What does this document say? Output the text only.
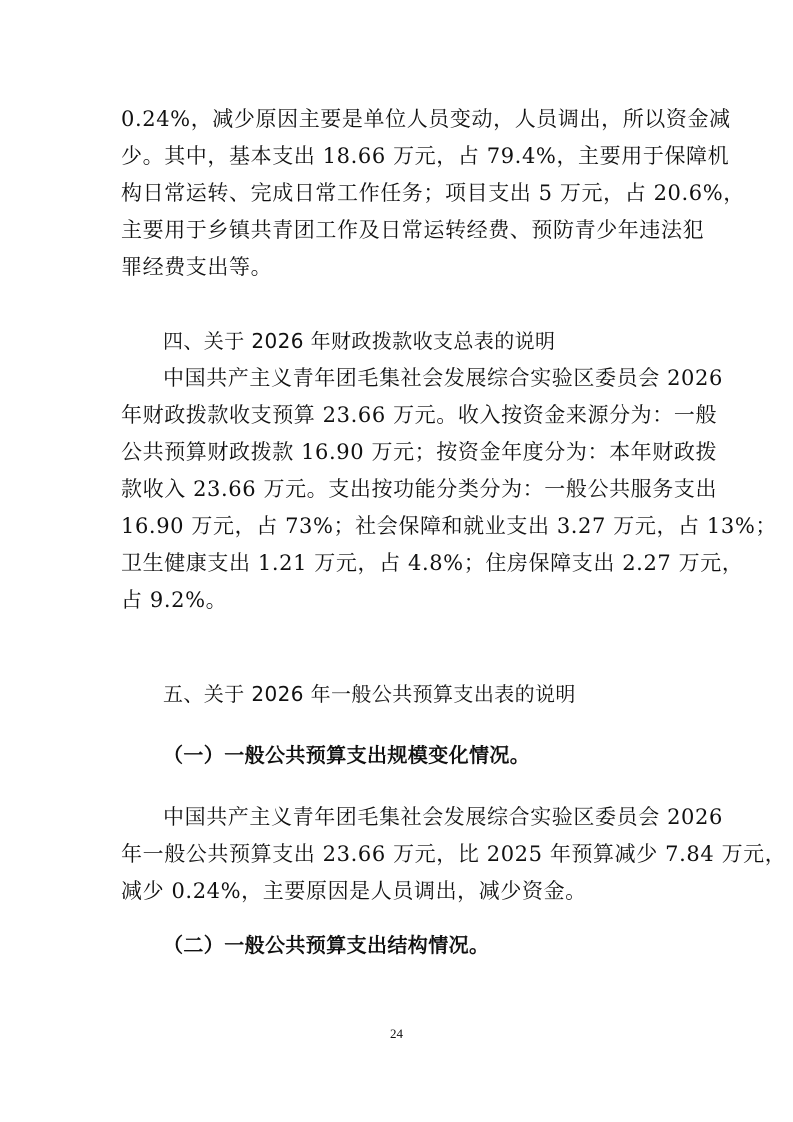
0.24%，减少原因主要是单位人员变动，人员调出，所以资金减
少。其中，基本支出 18.66 万元，占 79.4%，主要用于保障机
构日常运转、完成日常工作任务；项目支出 5 万元，占 20.6%，
主要用于乡镇共青团工作及日常运转经费、预防青少年违法犯
罪经费支出等。
四、关于 2026 年财政拨款收支总表的说明
中国共产主义青年团毛集社会发展综合实验区委员会 2026
年财政拨款收支预算 23.66 万元。收入按资金来源分为：一般
公共预算财政拨款 16.90 万元；按资金年度分为：本年财政拨
款收入 23.66 万元。支出按功能分类分为：一般公共服务支出
16.90 万元，占 73%；社会保障和就业支出 3.27 万元，占 13%；
卫生健康支出 1.21 万元，占 4.8%；住房保障支出 2.27 万元，
占 9.2%。
五、关于 2026 年一般公共预算支出表的说明
（一）一般公共预算支出规模变化情况。
中国共产主义青年团毛集社会发展综合实验区委员会 2026
年一般公共预算支出 23.66 万元，比 2025 年预算减少 7.84 万元，
减少 0.24%，主要原因是人员调出，减少资金。
（二）一般公共预算支出结构情况。
24
